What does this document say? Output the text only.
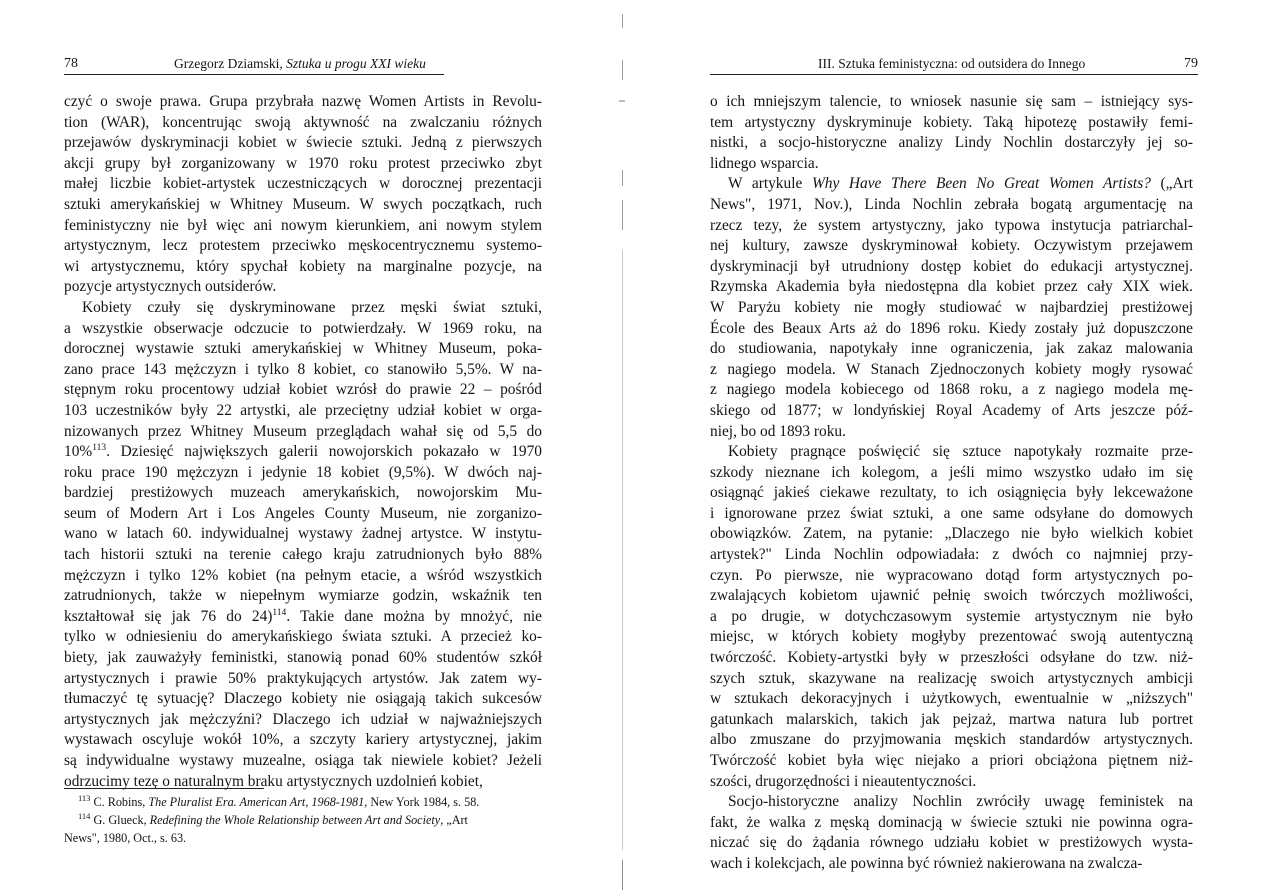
78	Grzegorz Dziamski, Sztuka u progu XXI wieku
czyć o swoje prawa. Grupa przybrała nazwę Women Artists in Revolu-
tion (WAR), koncentrując swoją aktywność na zwalczaniu różnych
przejawów dyskryminacji kobiet w świecie sztuki. Jedną z pierwszych
akcji grupy był zorganizowany w 1970 roku protest przeciwko zbyt
małej liczbie kobiet-artystek uczestniczących w dorocznej prezentacji
sztuki amerykańskiej w Whitney Museum. W swych początkach, ruch
feministyczny nie był więc ani nowym kierunkiem, ani nowym stylem
artystycznym, lecz protestem przeciwko męskocentrycznemu systemo-
wi artystycznemu, który spychał kobiety na marginalne pozycje, na
pozycje artystycznych outsiderów.
Kobiety czuły się dyskryminowane przez męski świat sztuki,
a wszystkie obserwacje odczucie to potwierdzały. W 1969 roku, na
dorocznej wystawie sztuki amerykańskiej w Whitney Museum, poka-
zano prace 143 mężczyzn i tylko 8 kobiet, co stanowiło 5,5%. W na-
stępnym roku procentowy udział kobiet wzrósł do prawie 22 – pośród
103 uczestników były 22 artystki, ale przeciętny udział kobiet w orga-
nizowanych przez Whitney Museum przeglądach wahał się od 5,5 do
10%$^{113}$. Dziesięć największych galerii nowojorskich pokazało w 1970
roku prace 190 mężczyzn i jedynie 18 kobiet (9,5%). W dwóch naj-
bardziej prestiżowych muzeach amerykańskich, nowojorskim Mu-
seum of Modern Art i Los Angeles County Museum, nie zorganizo-
wano w latach 60. indywidualnej wystawy żadnej artystce. W instytu-
tach historii sztuki na terenie całego kraju zatrudnionych było 88%
mężczyzn i tylko 12% kobiet (na pełnym etacie, a wśród wszystkich
zatrudnionych, także w niepełnym wymiarze godzin, wskaźnik ten
kształtował się jak 76 do 24)$^{114}$. Takie dane można by mnożyć, nie
tylko w odniesieniu do amerykańskiego świata sztuki. A przecież ko-
biety, jak zauważyły feministki, stanowią ponad 60% studentów szkół
artystycznych i prawie 50% praktykujących artystów. Jak zatem wy-
tłumaczyć tę sytuację? Dlaczego kobiety nie osiągają takich sukcesów
artystycznych jak mężczyźni? Dlaczego ich udział w najważniejszych
wystawach oscyluje wokół 10%, a szczyty kariery artystycznej, jakim
są indywidualne wystawy muzealne, osiąga tak niewiele kobiet? Jeżeli
odrzucimy tezę o naturalnym braku artystycznych uzdolnień kobiet,
$^{113}$ C. Robins, The Pluralist Era. American Art, 1968-1981, New York 1984, s. 58.
$^{114}$ G. Glueck, Redefining the Whole Relationship between Art and Society, „Art
News", 1980, Oct., s. 63.
III. Sztuka feministyczna: od outsidera do Innego	79
o ich mniejszym talencie, to wniosek nasunie się sam – istniejący sys-
tem artystyczny dyskryminuje kobiety. Taką hipotezę postawiły femi-
nistki, a socjo-historyczne analizy Lindy Nochlin dostarczyły jej so-
lidnego wsparcia.
W artykule Why Have There Been No Great Women Artists? („Art
News", 1971, Nov.), Linda Nochlin zebrała bogatą argumentację na
rzecz tezy, że system artystyczny, jako typowa instytucja patriarchal-
nej kultury, zawsze dyskryminował kobiety. Oczywistym przejawem
dyskryminacji był utrudniony dostęp kobiet do edukacji artystycznej.
Rzymska Akademia była niedostępna dla kobiet przez cały XIX wiek.
W Paryżu kobiety nie mogły studiować w najbardziej prestiżowej
École des Beaux Arts aż do 1896 roku. Kiedy zostały już dopuszczone
do studiowania, napotykały inne ograniczenia, jak zakaz malowania
z nagiego modela. W Stanach Zjednoczonych kobiety mogły rysować
z nagiego modela kobiecego od 1868 roku, a z nagiego modela mę-
skiego od 1877; w londyńskiej Royal Academy of Arts jeszcze póź-
niej, bo od 1893 roku.
Kobiety pragnące poświęcić się sztuce napotykały rozmaite prze-
szkody nieznane ich kolegom, a jeśli mimo wszystko udało im się
osiągnąć jakieś ciekawe rezultaty, to ich osiągnięcia były lekceważone
i ignorowane przez świat sztuki, a one same odsyłane do domowych
obowiązków. Zatem, na pytanie: „Dlaczego nie było wielkich kobiet
artystek?" Linda Nochlin odpowiadała: z dwóch co najmniej przy-
czyn. Po pierwsze, nie wypracowano dotąd form artystycznych po-
zwalających kobietom ujawnić pełnię swoich twórczych możliwości,
a po drugie, w dotychczasowym systemie artystycznym nie było
miejsc, w których kobiety mogłyby prezentować swoją autentyczną
twórczość. Kobiety-artystki były w przeszłości odsyłane do tzw. niż-
szych sztuk, skazywane na realizację swoich artystycznych ambicji
w sztukach dekoracyjnych i użytkowych, ewentualnie w „niższych"
gatunkach malarskich, takich jak pejzaż, martwa natura lub portret
albo zmuszane do przyjmowania męskich standardów artystycznych.
Twórczość kobiet była więc niejako a priori obciążona piętnem niż-
szości, drugorzędności i nieautentyczności.
Socjo-historyczne analizy Nochlin zwróciły uwagę feministek na
fakt, że walka z męską dominacją w świecie sztuki nie powinna ogra-
niczać się do żądania równego udziału kobiet w prestiżowych wysta-
wach i kolekcjach, ale powinna być również nakierowana na zwalcza-
